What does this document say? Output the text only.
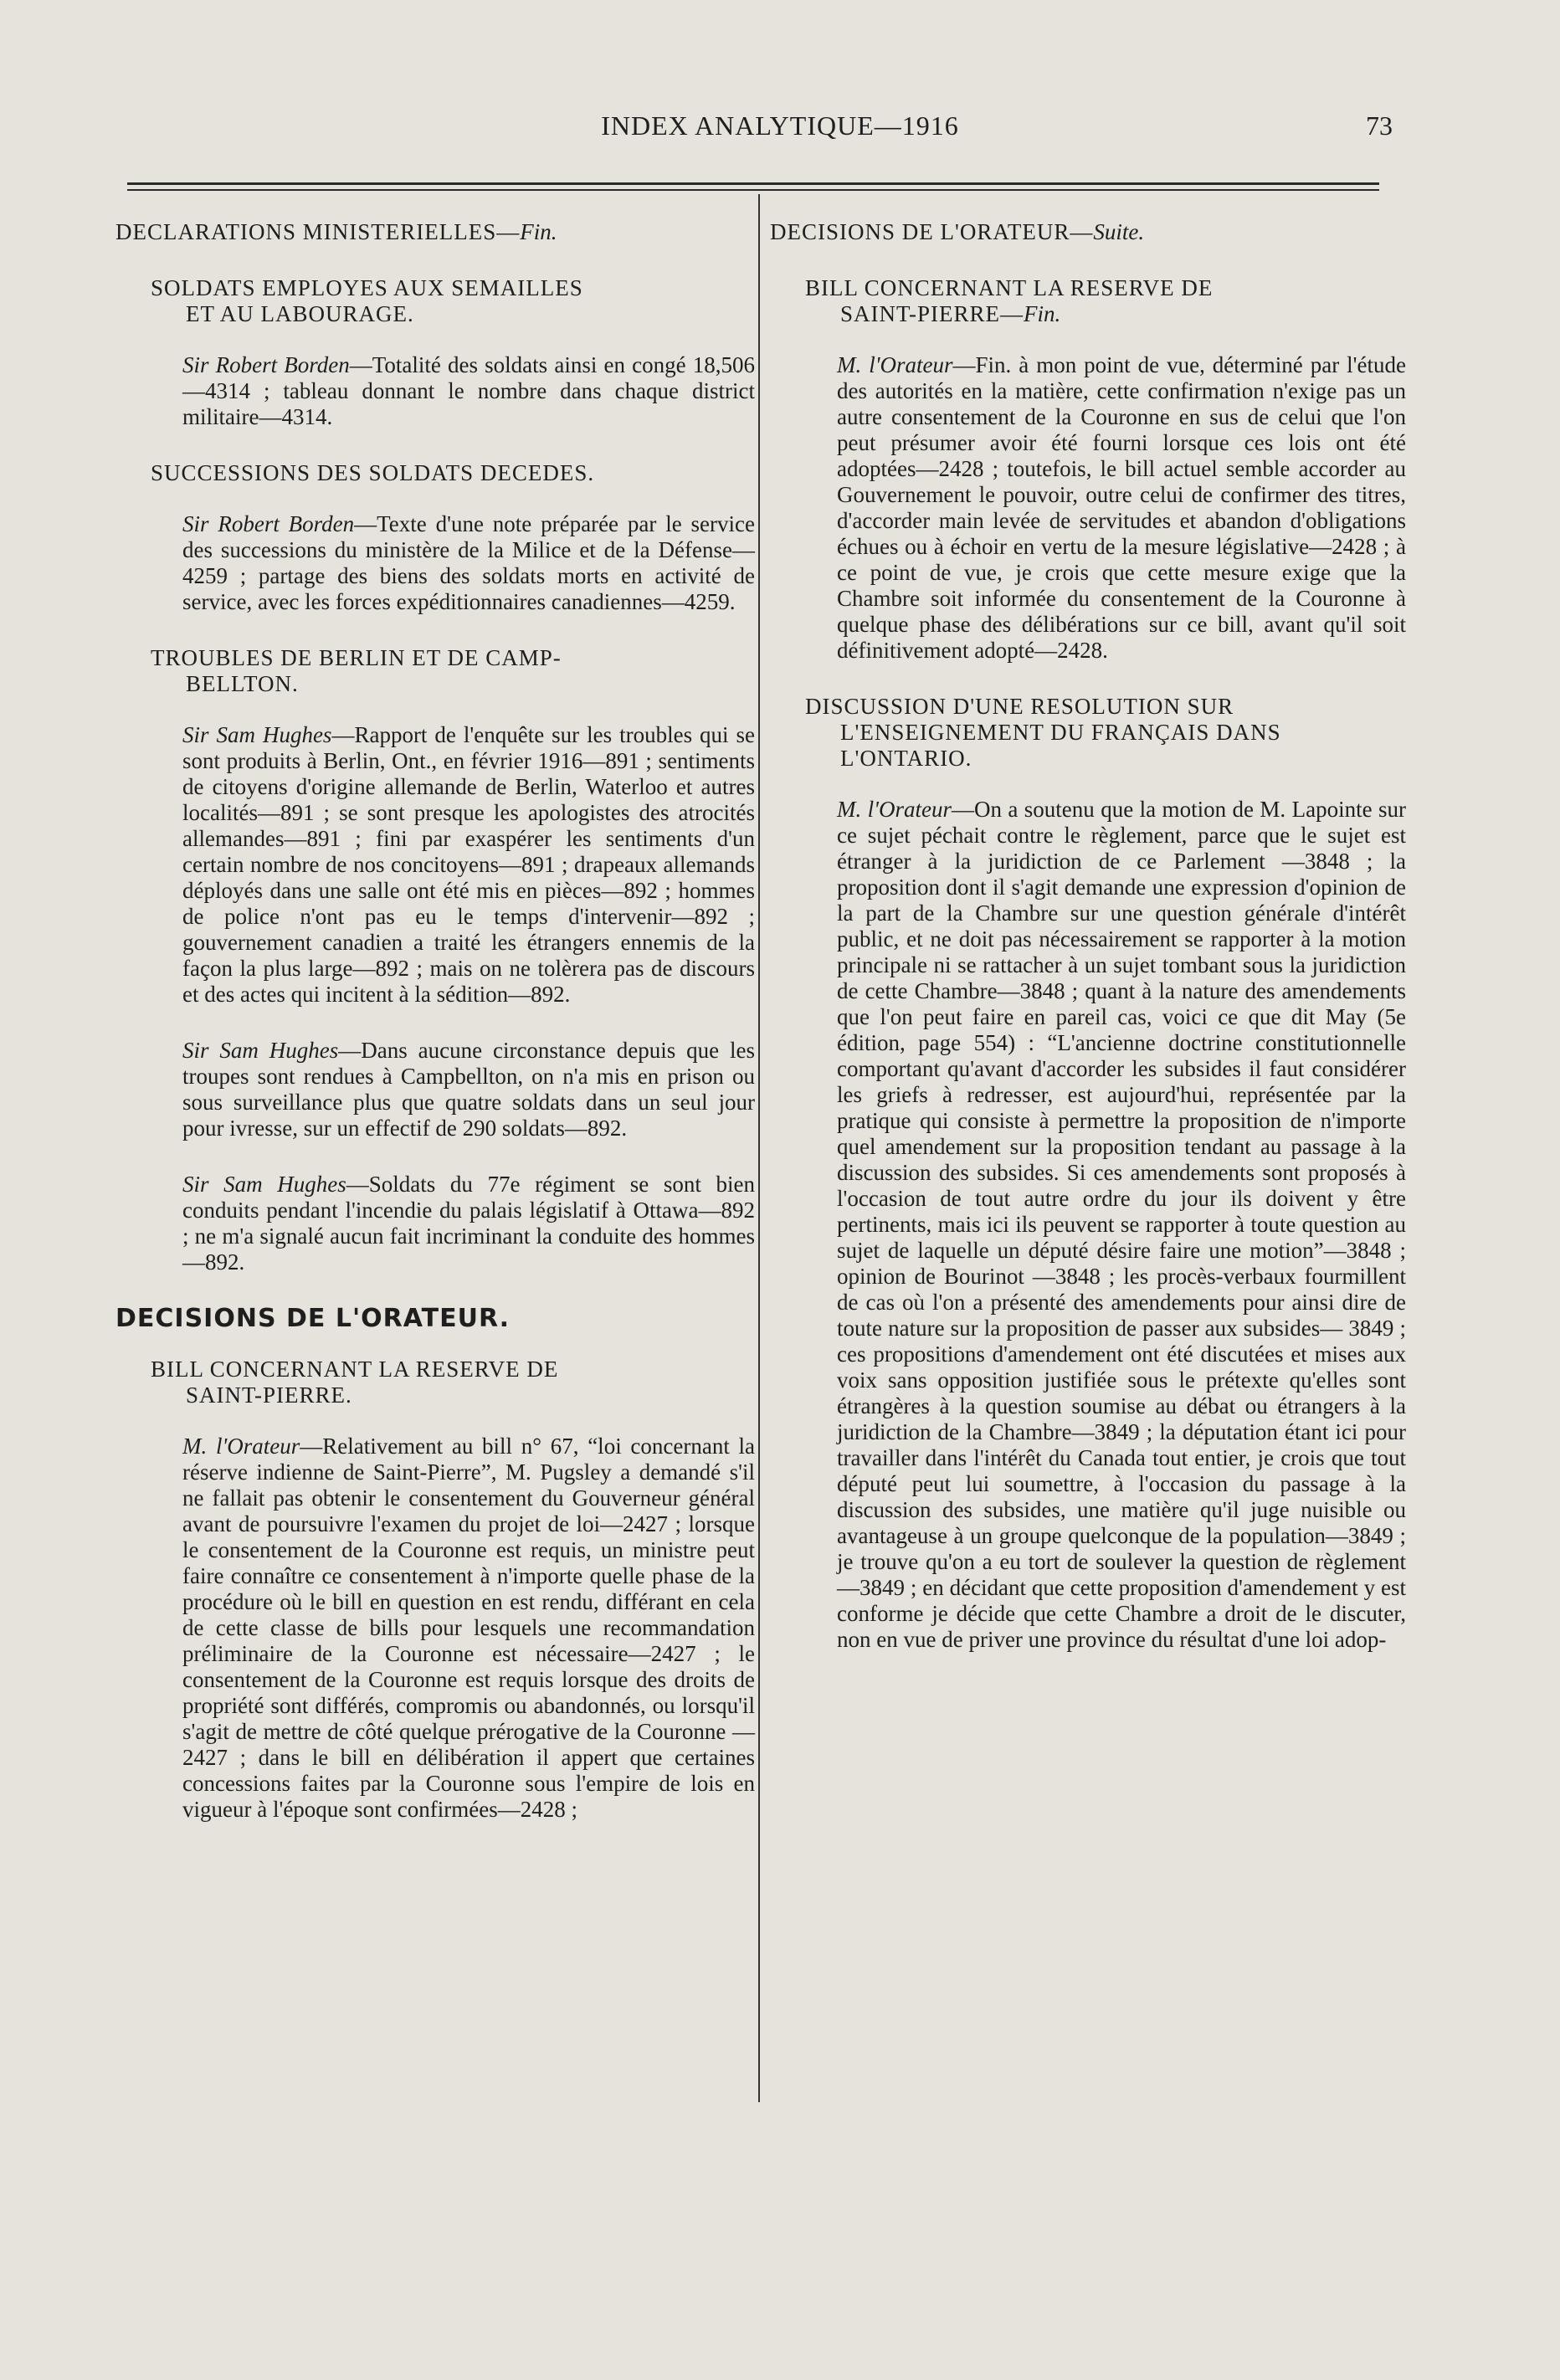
INDEX ANALYTIQUE—1916	73
DECLARATIONS MINISTERIELLES—Fin.
SOLDATS EMPLOYES AUX SEMAILLES
ET AU LABOURAGE.

Sir Robert Borden—Totalité des soldats ainsi en congé 18,506—4314 ; tableau donnant le nombre dans chaque district militaire—4314.

SUCCESSIONS DES SOLDATS DECEDES.

Sir Robert Borden—Texte d'une note préparée par le service des successions du ministère de la Milice et de la Défense—4259 ; partage des biens des soldats morts en activité de service, avec les forces expéditionnaires canadiennes—4259.

TROUBLES DE BERLIN ET DE CAMP-
BELLTON.

Sir Sam Hughes—Rapport de l'enquête sur les troubles qui se sont produits à Berlin, Ont., en février 1916—891 ; sentiments de citoyens d'origine allemande de Berlin, Waterloo et autres localités—891 ; se sont presque les apologistes des atrocités allemandes—891 ; fini par exaspérer les sentiments d'un certain nombre de nos concitoyens—891 ; drapeaux allemands déployés dans une salle ont été mis en pièces—892 ; hommes de police n'ont pas eu le temps d'intervenir—892 ; gouvernement canadien a traité les étrangers ennemis de la façon la plus large—892 ; mais on ne tolèrera pas de discours et des actes qui incitent à la sédition—892.

Sir Sam Hughes—Dans aucune circonstance depuis que les troupes sont rendues à Campbellton, on n'a mis en prison ou sous surveillance plus que quatre soldats dans un seul jour pour ivresse, sur un effectif de 290 soldats—892.

Sir Sam Hughes—Soldats du 77e régiment se sont bien conduits pendant l'incendie du palais législatif à Ottawa—892 ; ne m'a signalé aucun fait incriminant la conduite des hommes—892.

DECISIONS DE L'ORATEUR.
BILL CONCERNANT LA RESERVE DE
SAINT-PIERRE.

M. l'Orateur—Relativement au bill n° 67, “loi concernant la réserve indienne de Saint-Pierre”, M. Pugsley a demandé s'il ne fallait pas obtenir le consentement du Gouverneur général avant de poursuivre l'examen du projet de loi—2427 ; lorsque le consentement de la Couronne est requis, un ministre peut faire connaître ce consentement à n'importe quelle phase de la procédure où le bill en question en est rendu, différant en cela de cette classe de bills pour lesquels une recommandation préliminaire de la Couronne est nécessaire—2427 ; le consentement de la Couronne est requis lorsque des droits de propriété sont différés, compromis ou abandonnés, ou lorsqu'il s'agit de mettre de côté quelque prérogative de la Couronne —2427 ; dans le bill en délibération il appert que certaines concessions faites par la Couronne sous l'empire de lois en vigueur à l'époque sont confirmées—2428 ;

DECISIONS DE L'ORATEUR—Suite.
BILL CONCERNANT LA RESERVE DE
SAINT-PIERRE—Fin.

M. l'Orateur—Fin. à mon point de vue, déterminé par l'étude des autorités en la matière, cette confirmation n'exige pas un autre consentement de la Couronne en sus de celui que l'on peut présumer avoir été fourni lorsque ces lois ont été adoptées—2428 ; toutefois, le bill actuel semble accorder au Gouvernement le pouvoir, outre celui de confirmer des titres, d'accorder main levée de servitudes et abandon d'obligations échues ou à échoir en vertu de la mesure législative—2428 ; à ce point de vue, je crois que cette mesure exige que la Chambre soit informée du consentement de la Couronne à quelque phase des délibérations sur ce bill, avant qu'il soit définitivement adopté—2428.

DISCUSSION D'UNE RESOLUTION SUR
L'ENSEIGNEMENT DU FRANÇAIS DANS L'ONTARIO.

M. l'Orateur—On a soutenu que la motion de M. Lapointe sur ce sujet péchait contre le règlement, parce que le sujet est étranger à la juridiction de ce Parlement —3848 ; la proposition dont il s'agit demande une expression d'opinion de la part de la Chambre sur une question générale d'intérêt public, et ne doit pas nécessairement se rapporter à la motion principale ni se rattacher à un sujet tombant sous la juridiction de cette Chambre—3848 ; quant à la nature des amendements que l'on peut faire en pareil cas, voici ce que dit May (5e édition, page 554) : “L'ancienne doctrine constitutionnelle comportant qu'avant d'accorder les subsides il faut considérer les griefs à redresser, est aujourd'hui, représentée par la pratique qui consiste à permettre la proposition de n'importe quel amendement sur la proposition tendant au passage à la discussion des subsides. Si ces amendements sont proposés à l'occasion de tout autre ordre du jour ils doivent y être pertinents, mais ici ils peuvent se rapporter à toute question au sujet de laquelle un député désire faire une motion”—3848 ; opinion de Bourinot —3848 ; les procès-verbaux fourmillent de cas où l'on a présenté des amendements pour ainsi dire de toute nature sur la proposition de passer aux subsides— 3849 ; ces propositions d'amendement ont été discutées et mises aux voix sans opposition justifiée sous le prétexte qu'elles sont étrangères à la question soumise au débat ou étrangers à la juridiction de la Chambre—3849 ; la députation étant ici pour travailler dans l'intérêt du Canada tout entier, je crois que tout député peut lui soumettre, à l'occasion du passage à la discussion des subsides, une matière qu'il juge nuisible ou avantageuse à un groupe quelconque de la population—3849 ; je trouve qu'on a eu tort de soulever la question de règlement—3849 ; en décidant que cette proposition d'amendement y est conforme je décide que cette Chambre a droit de le discuter, non en vue de priver une province du résultat d'une loi adop-
